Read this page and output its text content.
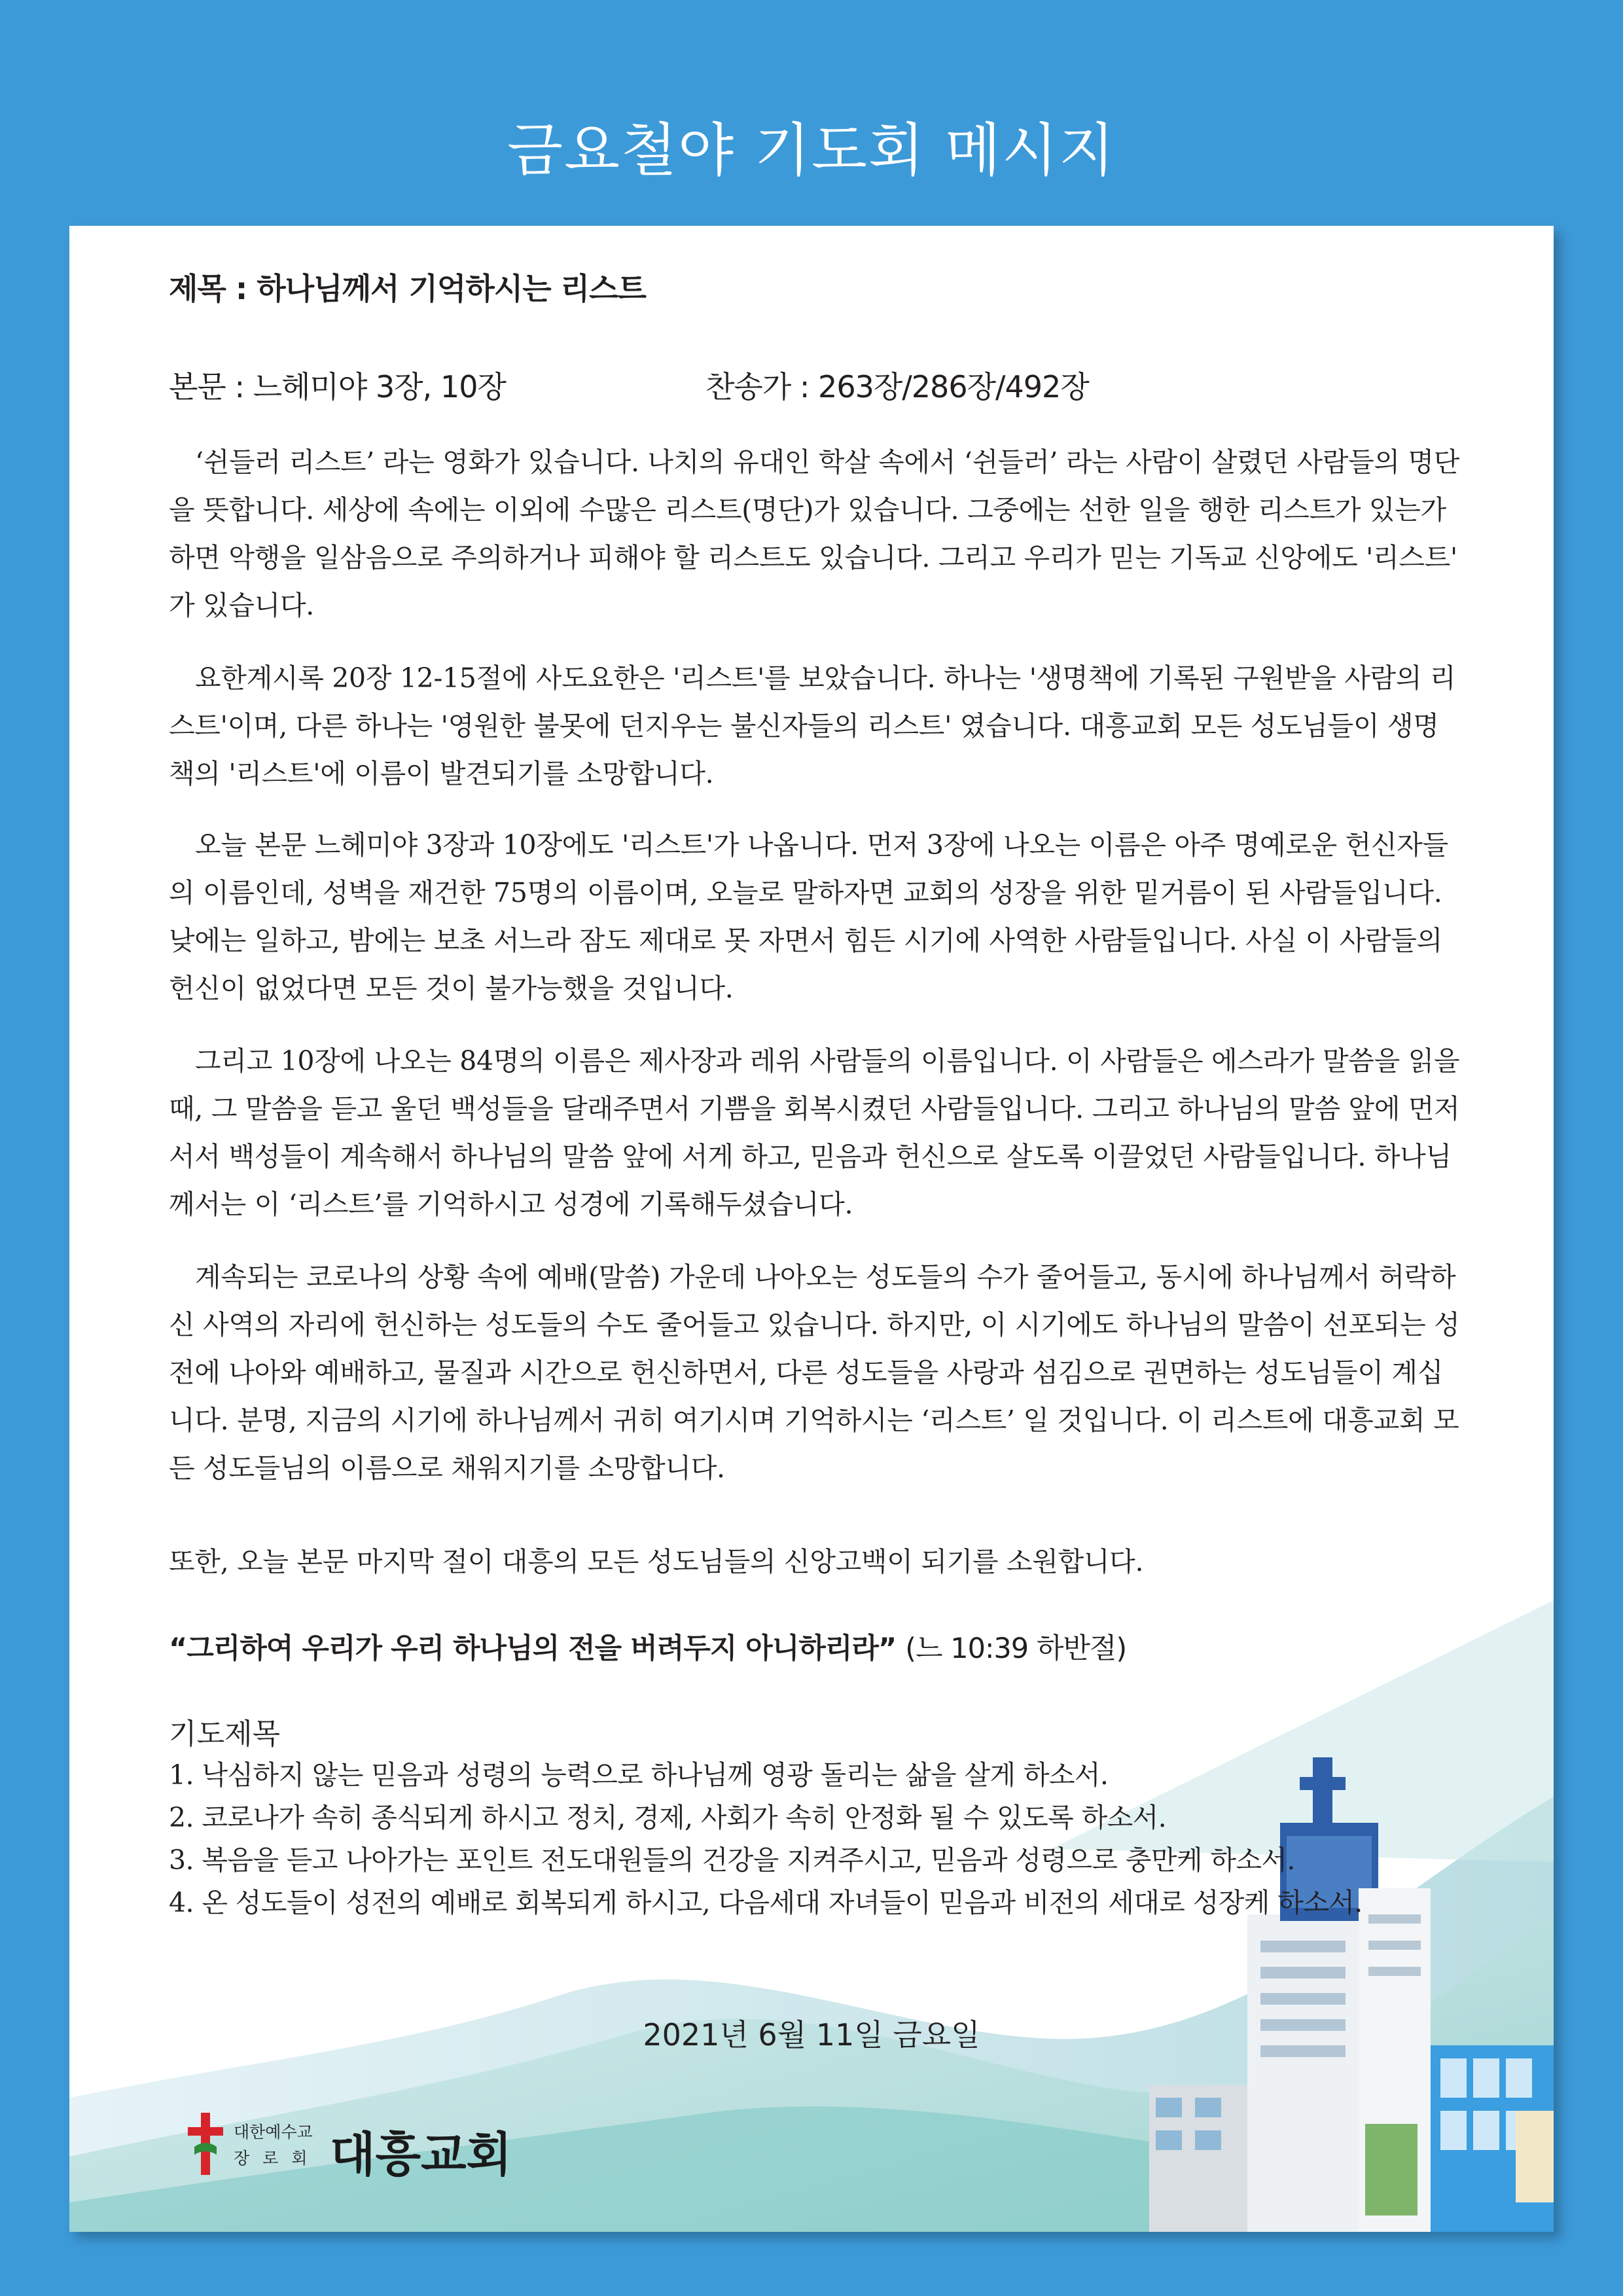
금요철야 기도회 메시지
제목 : 하나님께서 기억하시는 리스트
본문 : 느헤미야 3장, 10장	찬송가 : 263장/286장/492장

‘쉰들러 리스트’ 라는 영화가 있습니다. 나치의 유대인 학살 속에서 ‘쉰들러’ 라는 사람이 살렸던 사람들의 명단을 뜻합니다. 세상에 속에는 이외에 수많은 리스트(명단)가 있습니다. 그중에는 선한 일을 행한 리스트가 있는가 하면 악행을 일삼음으로 주의하거나 피해야 할 리스트도 있습니다. 그리고 우리가 믿는 기독교 신앙에도 '리스트' 가 있습니다.

요한계시록 20장 12-15절에 사도요한은 '리스트'를 보았습니다. 하나는 '생명책에 기록된 구원받을 사람의 리스트'이며, 다른 하나는 '영원한 불못에 던지우는 불신자들의 리스트' 였습니다. 대흥교회 모든 성도님들이 생명책의 '리스트'에 이름이 발견되기를 소망합니다.

오늘 본문 느헤미야 3장과 10장에도 '리스트'가 나옵니다. 먼저 3장에 나오는 이름은 아주 명예로운 헌신자들의 이름인데, 성벽을 재건한 75명의 이름이며, 오늘로 말하자면 교회의 성장을 위한 밑거름이 된 사람들입니다. 낮에는 일하고, 밤에는 보초 서느라 잠도 제대로 못 자면서 힘든 시기에 사역한 사람들입니다. 사실 이 사람들의 헌신이 없었다면 모든 것이 불가능했을 것입니다.

그리고 10장에 나오는 84명의 이름은 제사장과 레위 사람들의 이름입니다. 이 사람들은 에스라가 말씀을 읽을 때, 그 말씀을 듣고 울던 백성들을 달래주면서 기쁨을 회복시켰던 사람들입니다. 그리고 하나님의 말씀 앞에 먼저 서서 백성들이 계속해서 하나님의 말씀 앞에 서게 하고, 믿음과 헌신으로 살도록 이끌었던 사람들입니다. 하나님께서는 이 ‘리스트’를 기억하시고 성경에 기록해두셨습니다.

계속되는 코로나의 상황 속에 예배(말씀) 가운데 나아오는 성도들의 수가 줄어들고, 동시에 하나님께서 허락하신 사역의 자리에 헌신하는 성도들의 수도 줄어들고 있습니다. 하지만, 이 시기에도 하나님의 말씀이 선포되는 성전에 나아와 예배하고, 물질과 시간으로 헌신하면서, 다른 성도들을 사랑과 섬김으로 권면하는 성도님들이 계십니다. 분명, 지금의 시기에 하나님께서 귀히 여기시며 기억하시는 ‘리스트’ 일 것입니다. 이 리스트에 대흥교회 모든 성도들님의 이름으로 채워지기를 소망합니다.

또한, 오늘 본문 마지막 절이 대흥의 모든 성도님들의 신앙고백이 되기를 소원합니다.

“그리하여 우리가 우리 하나님의 전을 버려두지 아니하리라” (느 10:39 하반절)
기도제목
1. 낙심하지 않는 믿음과 성령의 능력으로 하나님께 영광 돌리는 삶을 살게 하소서.
2. 코로나가 속히 종식되게 하시고 정치, 경제, 사회가 속히 안정화 될 수 있도록 하소서.
3. 복음을 듣고 나아가는 포인트 전도대원들의 건강을 지켜주시고, 믿음과 성령으로 충만케 하소서.
4. 온 성도들이 성전의 예배로 회복되게 하시고, 다음세대 자녀들이 믿음과 비전의 세대로 성장케 하소서.
2021년 6월 11일 금요일
대한예수교
장 로 회 대흥교회
